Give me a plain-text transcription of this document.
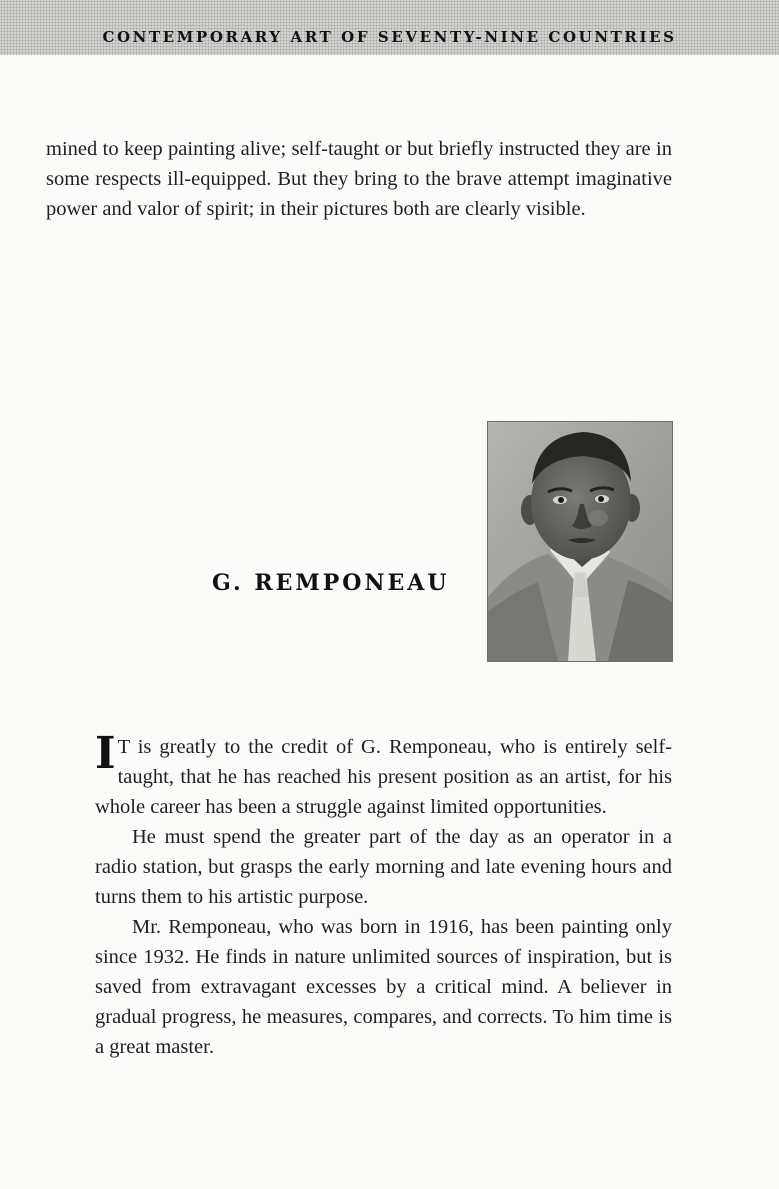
CONTEMPORARY ART OF SEVENTY-NINE COUNTRIES

mined to keep painting alive; self-taught or but briefly instructed they are in some respects ill-equipped. But they bring to the brave attempt imaginative power and valor of spirit; in their pictures both are clearly visible.

G. REMPONEAU

I T is greatly to the credit of G. Remponeau, who is entirely self-taught, that he has reached his present position as an artist, for his whole career has been a struggle against limited opportunities.

He must spend the greater part of the day as an operator in a radio station, but grasps the early morning and late evening hours and turns them to his artistic purpose.

Mr. Remponeau, who was born in 1916, has been painting only since 1932. He finds in nature unlimited sources of inspiration, but is saved from extravagant excesses by a critical mind. A believer in gradual progress, he measures, compares, and corrects. To him time is a great master.
